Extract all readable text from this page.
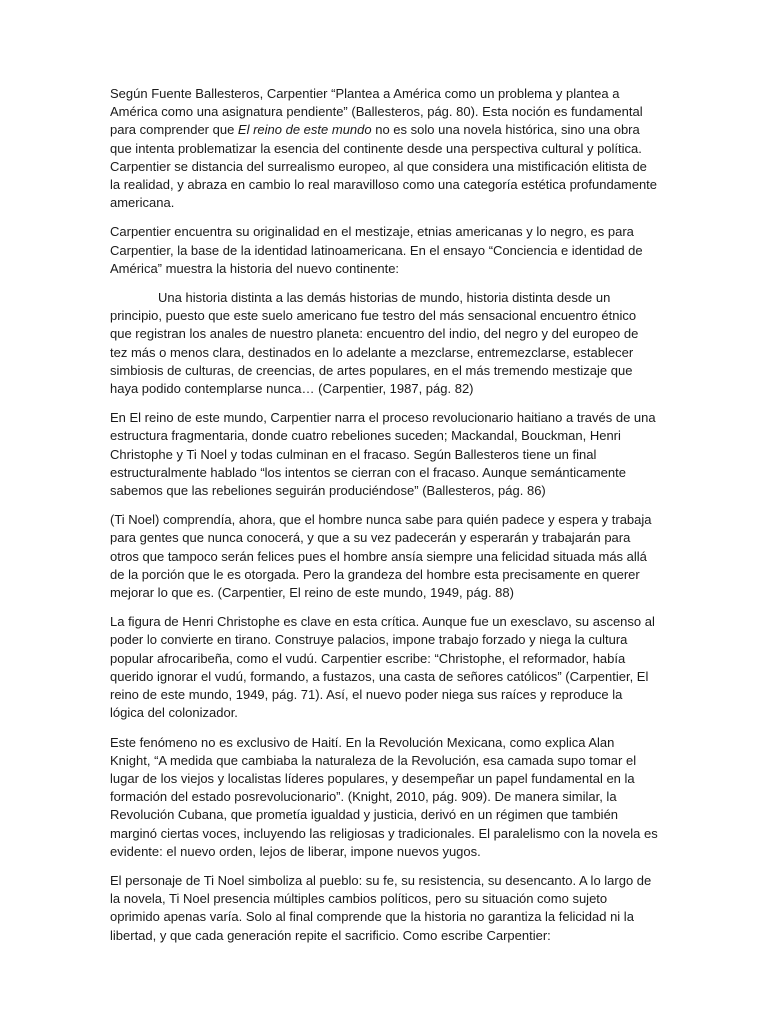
Según Fuente Ballesteros, Carpentier “Plantea a América como un problema y plantea a América como una asignatura pendiente” (Ballesteros, pág. 80). Esta noción es fundamental para comprender que El reino de este mundo no es solo una novela histórica, sino una obra que intenta problematizar la esencia del continente desde una perspectiva cultural y política. Carpentier se distancia del surrealismo europeo, al que considera una mistificación elitista de la realidad, y abraza en cambio lo real maravilloso como una categoría estética profundamente americana.

Carpentier encuentra su originalidad en el mestizaje, etnias americanas y lo negro, es para Carpentier, la base de la identidad latinoamericana. En el ensayo “Conciencia e identidad de América” muestra la historia del nuevo continente:

Una historia distinta a las demás historias de mundo, historia distinta desde un principio, puesto que este suelo americano fue testro del más sensacional encuentro étnico que registran los anales de nuestro planeta: encuentro del indio, del negro y del europeo de tez más o menos clara, destinados en lo adelante a mezclarse, entremezclarse, establecer simbiosis de culturas, de creencias, de artes populares, en el más tremendo mestizaje que haya podido contemplarse nunca… (Carpentier, 1987, pág. 82)

En El reino de este mundo, Carpentier narra el proceso revolucionario haitiano a través de una estructura fragmentaria, donde cuatro rebeliones suceden; Mackandal, Bouckman, Henri Christophe y Ti Noel y todas culminan en el fracaso. Según Ballesteros tiene un final estructuralmente hablado “los intentos se cierran con el fracaso. Aunque semánticamente sabemos que las rebeliones seguirán produciéndose” (Ballesteros, pág. 86)

(Ti Noel) comprendía, ahora, que el hombre nunca sabe para quién padece y espera y trabaja para gentes que nunca conocerá, y que a su vez padecerán y esperarán y trabajarán para otros que tampoco serán felices pues el hombre ansía siempre una felicidad situada más allá de la porción que le es otorgada. Pero la grandeza del hombre esta precisamente en querer mejorar lo que es. (Carpentier, El reino de este mundo, 1949, pág. 88)

La figura de Henri Christophe es clave en esta crítica. Aunque fue un exesclavo, su ascenso al poder lo convierte en tirano. Construye palacios, impone trabajo forzado y niega la cultura popular afrocaribeña, como el vudú. Carpentier escribe: “Christophe, el reformador, había querido ignorar el vudú, formando, a fustazos, una casta de señores católicos” (Carpentier, El reino de este mundo, 1949, pág. 71). Así, el nuevo poder niega sus raíces y reproduce la lógica del colonizador.

Este fenómeno no es exclusivo de Haití. En la Revolución Mexicana, como explica Alan Knight, “A medida que cambiaba la naturaleza de la Revolución, esa camada supo tomar el lugar de los viejos y localistas líderes populares, y desempeñar un papel fundamental en la formación del estado posrevolucionario”. (Knight, 2010, pág. 909). De manera similar, la Revolución Cubana, que prometía igualdad y justicia, derivó en un régimen que también marginó ciertas voces, incluyendo las religiosas y tradicionales. El paralelismo con la novela es evidente: el nuevo orden, lejos de liberar, impone nuevos yugos.

El personaje de Ti Noel simboliza al pueblo: su fe, su resistencia, su desencanto. A lo largo de la novela, Ti Noel presencia múltiples cambios políticos, pero su situación como sujeto oprimido apenas varía. Solo al final comprende que la historia no garantiza la felicidad ni la libertad, y que cada generación repite el sacrificio. Como escribe Carpentier:
